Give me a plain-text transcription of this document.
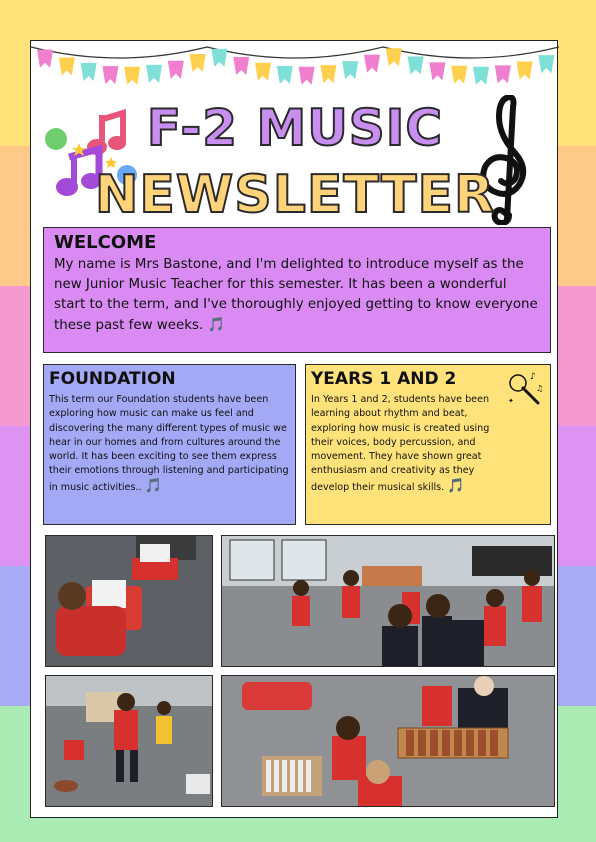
F-2 MUSIC
NEWSLETTER
WELCOME

My name is Mrs Bastone, and I'm delighted to introduce myself as the new Junior Music Teacher for this semester. It has been a wonderful start to the term, and I've thoroughly enjoyed getting to know everyone these past few weeks. 🎵

FOUNDATION

This term our Foundation students have been exploring how music can make us feel and discovering the many different types of music we hear in our homes and from cultures around the world. It has been exciting to see them express their emotions through listening and participating in music activities.. 🎵

♪
♫
✦
YEARS 1 AND 2

In Years 1 and 2, students have been learning about rhythm and beat, exploring how music is created using their voices, body percussion, and movement. They have shown great enthusiasm and creativity as they develop their musical skills. 🎵
